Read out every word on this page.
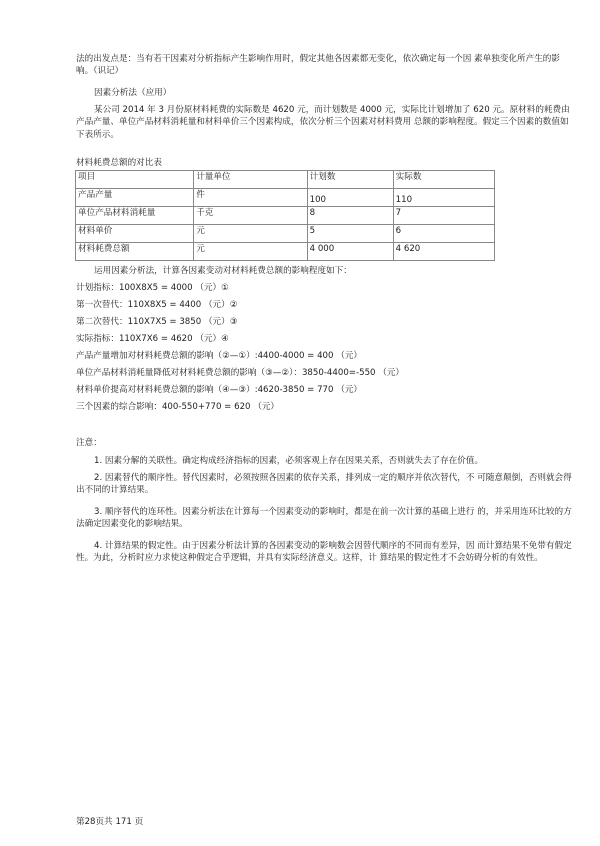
法的出发点是：当有若干因素对分析指标产生影响作用时，假定其他各因素都无变化，依次确定每一个因 素单独变化所产生的影响。（识记）

因素分析法（应用）

某公司 2014 年 3 月份原材料耗费的实际数是 4620 元，而计划数是 4000 元，实际比计划增加了 620 元。原材料的耗费由产品产量、单位产品材料消耗量和材料单价三个因素构成，依次分析三个因素对材料费用 总额的影响程度。假定三个因素的数值如下表所示。

材料耗费总额的对比表
项目	计量单位	计划数	实际数
产品产量	件	100	110
单位产品材料消耗量	千克	8	7
材料单价	元	5	6
材料耗费总额	元	4 000	4 620

运用因素分析法，计算各因素变动对材料耗费总额的影响程度如下：

计划指标：100X8X5 = 4000 （元）①

第一次替代：110X8X5 = 4400 （元）②

第二次替代：110X7X5 = 3850 （元）③

实际指标：110X7X6 = 4620 （元）④

产品产量增加对材料耗费总额的影响（②—①）:4400-4000 = 400 （元）

单位产品材料消耗量降低对材料耗费总额的影响（③—②）：3850-4400=-550 （元）

材料单价提高对材料耗费总额的影响（④—③）:4620-3850 = 770 （元）

三个因素的综合影响：400-550+770 = 620 （元）

注意：

1. 因素分解的关联性。确定构成经济指标的因素，必须客观上存在因果关系，否则就失去了存在价值。

2. 因素替代的顺序性。替代因素时，必须按照各因素的依存关系，排列成一定的顺序并依次替代，不 可随意颠倒，否则就会得出不同的计算结果。

3. 顺序替代的连环性。因素分析法在计算每一个因素变动的影响时，都是在前一次计算的基础上进行 的，并采用连环比较的方法确定因素变化的影响结果。

4. 计算结果的假定性。由于因素分析法计算的各因素变动的影响数会因替代顺序的不同而有差异，因 而计算结果不免带有假定性。为此，分析时应力求使这种假定合乎逻辑，并具有实际经济意义。这样，计 算结果的假定性才不会妨碍分析的有效性。

第28页共 171 页
